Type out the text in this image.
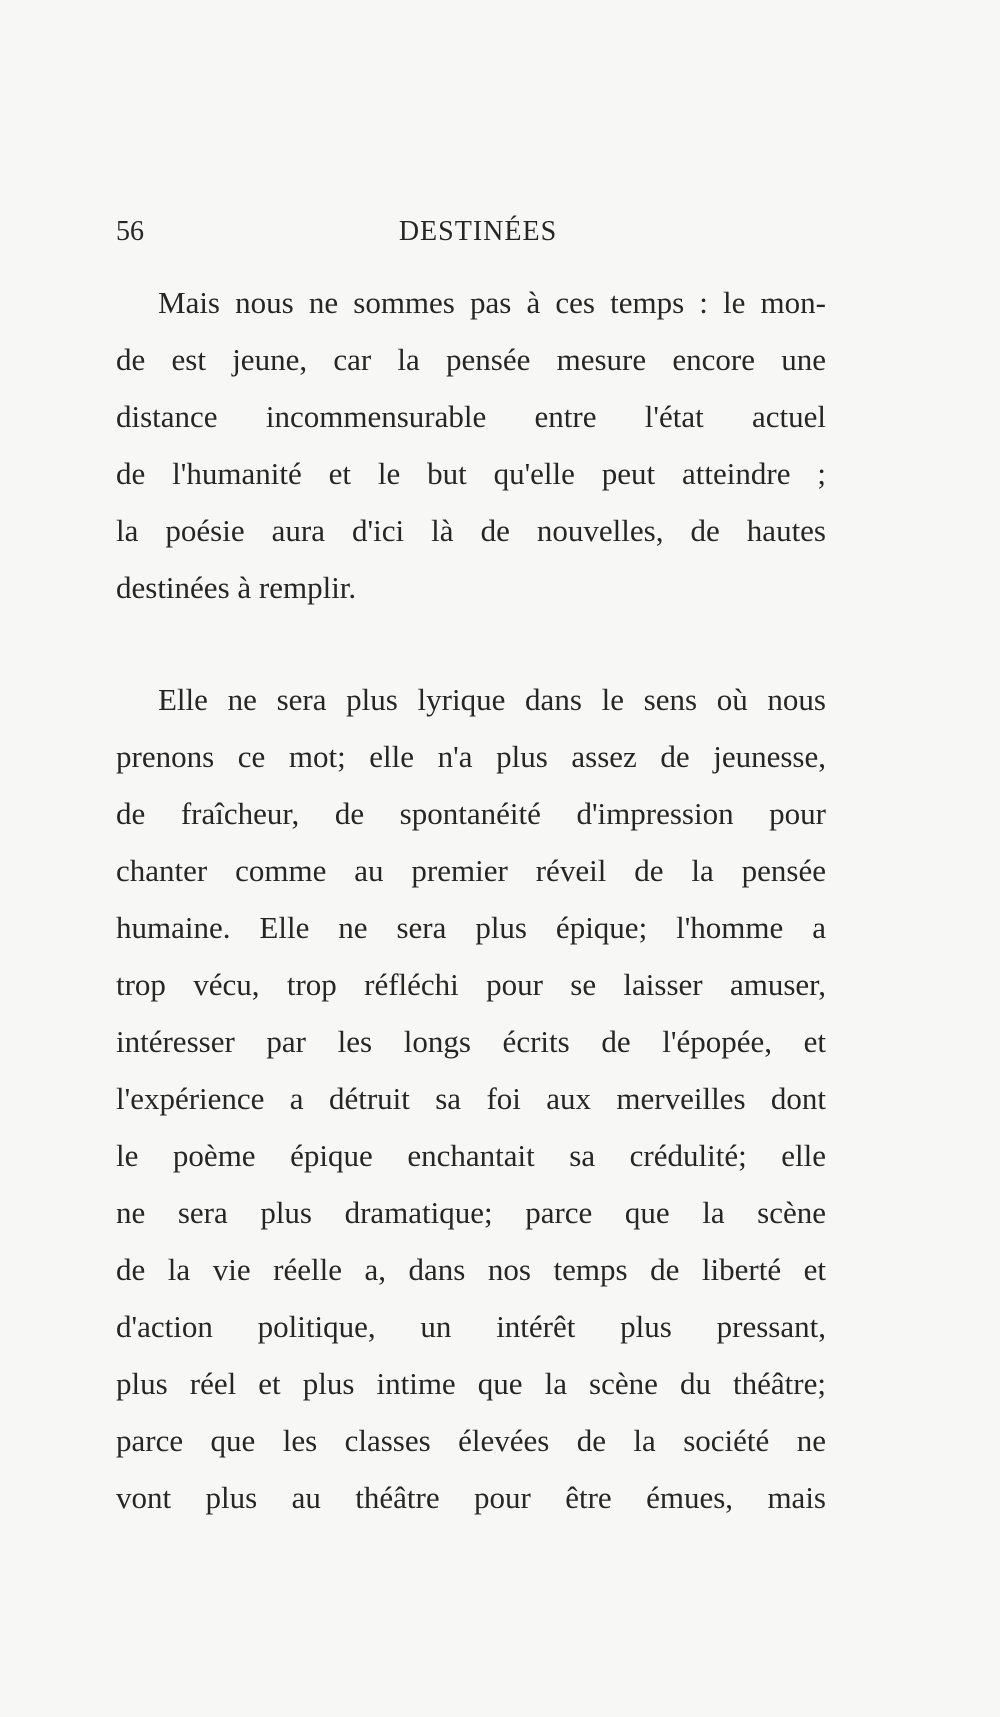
56	DESTINÉES
Mais nous ne sommes pas à ces temps : le mon-
de est jeune, car la pensée mesure encore une
distance incommensurable entre l'état actuel
de l'humanité et le but qu'elle peut atteindre ;
la poésie aura d'ici là de nouvelles, de hautes
destinées à remplir.
Elle ne sera plus lyrique dans le sens où nous
prenons ce mot; elle n'a plus assez de jeunesse,
de fraîcheur, de spontanéité d'impression pour
chanter comme au premier réveil de la pensée
humaine. Elle ne sera plus épique; l'homme a
trop vécu, trop réfléchi pour se laisser amuser,
intéresser par les longs écrits de l'épopée, et
l'expérience a détruit sa foi aux merveilles dont
le poème épique enchantait sa crédulité; elle
ne sera plus dramatique; parce que la scène
de la vie réelle a, dans nos temps de liberté et
d'action politique, un intérêt plus pressant,
plus réel et plus intime que la scène du théâtre;
parce que les classes élevées de la société ne
vont plus au théâtre pour être émues, mais
